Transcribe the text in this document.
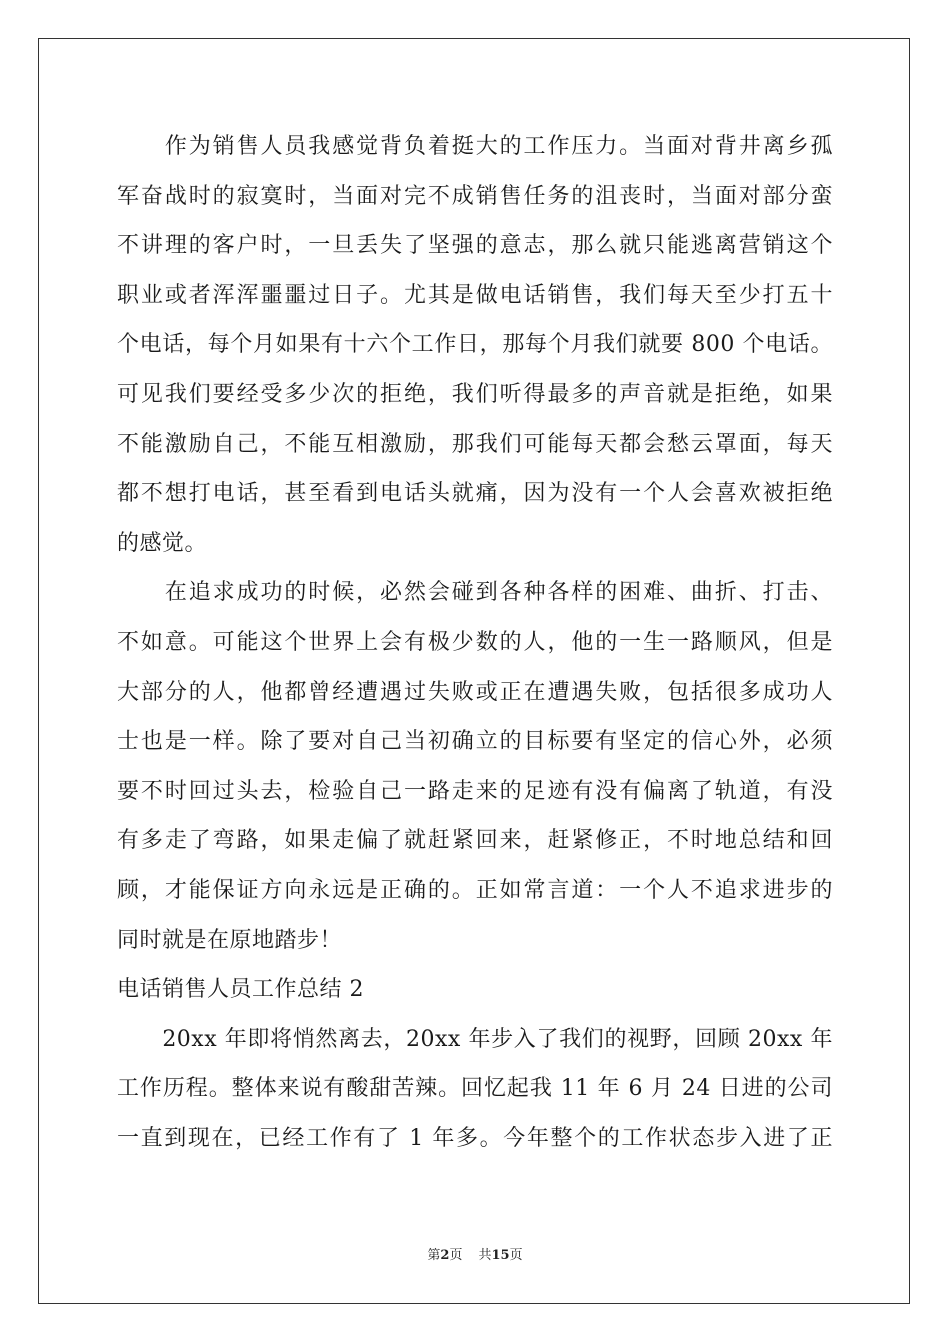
　　作为销售人员我感觉背负着挺大的工作压力。当面对背井离乡孤
军奋战时的寂寞时，当面对完不成销售任务的沮丧时，当面对部分蛮
不讲理的客户时，一旦丢失了坚强的意志，那么就只能逃离营销这个
职业或者浑浑噩噩过日子。尤其是做电话销售，我们每天至少打五十
个电话，每个月如果有十六个工作日，那每个月我们就要 800 个电话。
可见我们要经受多少次的拒绝，我们听得最多的声音就是拒绝，如果
不能激励自己，不能互相激励，那我们可能每天都会愁云罩面，每天
都不想打电话，甚至看到电话头就痛，因为没有一个人会喜欢被拒绝
的感觉。
　　在追求成功的时候，必然会碰到各种各样的困难、曲折、打击、
不如意。可能这个世界上会有极少数的人，他的一生一路顺风，但是
大部分的人，他都曾经遭遇过失败或正在遭遇失败，包括很多成功人
士也是一样。除了要对自己当初确立的目标要有坚定的信心外，必须
要不时回过头去，检验自己一路走来的足迹有没有偏离了轨道，有没
有多走了弯路，如果走偏了就赶紧回来，赶紧修正，不时地总结和回
顾，才能保证方向永远是正确的。正如常言道：一个人不追求进步的
同时就是在原地踏步！
电话销售人员工作总结 2
　　20xx 年即将悄然离去，20xx 年步入了我们的视野，回顾 20xx 年
工作历程。整体来说有酸甜苦辣。回忆起我 11 年 6 月 24 日进的公司
一直到现在，已经工作有了 1 年多。今年整个的工作状态步入进了正
第2页 共15页
